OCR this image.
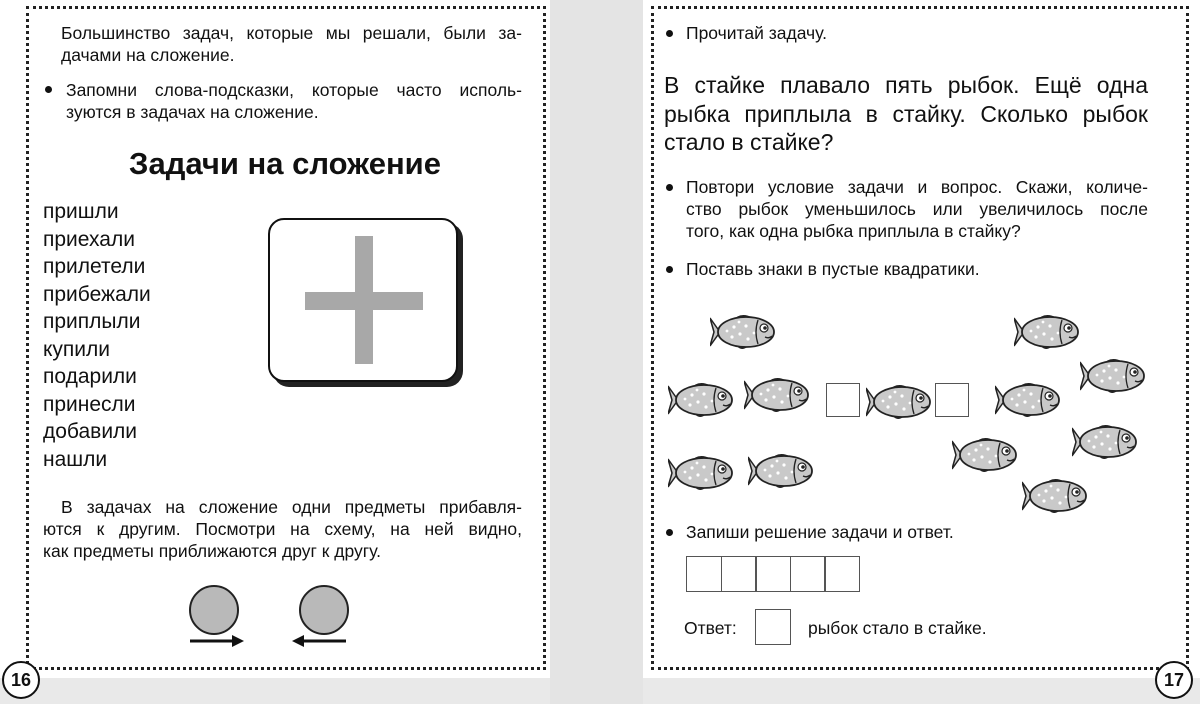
Большинство задач, которые мы решали, были за-

дачами на сложение.

Запомни слова-подсказки, которые часто исполь-

зуются в задачах на сложение.

Задачи на сложение
пришли
приехали
прилетели
прибежали
приплыли
купили
подарили
принесли
добавили
нашли

В задачах на сложение одни предметы прибавля-

ются к другим. Посмотри на схему, на ней видно,

как предметы приближаются друг к другу.

16

Прочитай задачу.

В стайке плавало пять рыбок. Ещё одна

рыбка приплыла в стайку. Сколько рыбок

стало в стайке?

Повтори условие задачи и вопрос. Скажи, количе-

ство рыбок уменьшилось или увеличилось после

того, как одна рыбка приплыла в стайку?

Поставь знаки в пустые квадратики.

Запиши решение задачи и ответ.

Ответ:	рыбок стало в стайке.

17
